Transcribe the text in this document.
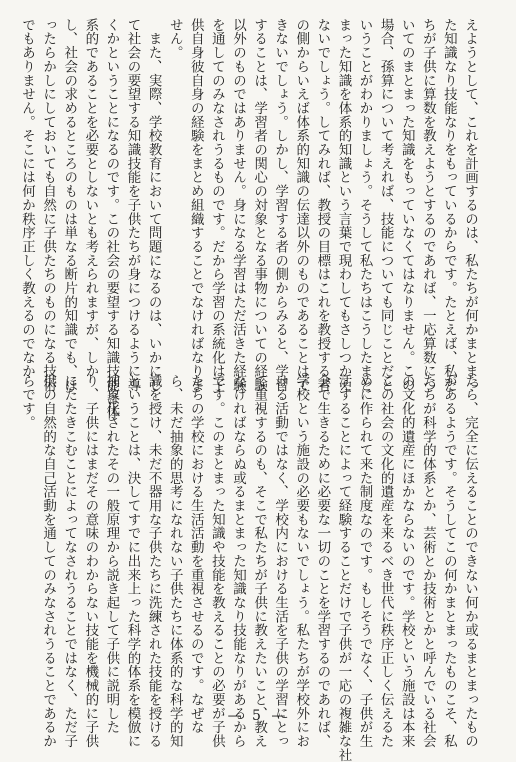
えようとして、これを計画するのは、私たちが何かまとまっ
た知識なり技能なりをもっているからです。たとえば、私た
ちが子供に算数を教えようとするのであれば、一応算数につ
いてのまとまった知識をもっていなくてはなりません。この
場合、孫算について考えれば、技能についても同じことだと
いうことがわかりましょう。そうして私たちはこうしたまと
まった知識を体系的知識という言葉で現わしてもさしつかえ
ないでしょう。してみれば、教授の目標はこれを教授する者
の側からいえば体系的知識の伝達以外のものであることはで
きないでしょう。しかし、学習する者の側からみると、学習
することは、学習者の関心の対象となる事物についての経験
以外のものではありません。身になる学習はただ活きた経験
を通してのみなされうるものです。だから学習の系統化は子
供自身彼自身の経験をまとめ組織することでなければなりま
せん。
　また、実際、学校教育において問題になるのは、いかにし
て社会の要望する知識技能を子供たちが身につけるように導
くかということになるのです。この社会の要望する知識技能は体
系的であることを必要としないとも考えられますが、しか
し、社会の求めるところのものは単なる断片的知識でも、ほ
ったらかしにしておいても自然に子供たちのものになる技術
でもありません。そこには何か秩序正しく教えるのでなか
たら、完全に伝えることのできない何か或るまとまったもの
があるようです。そうしてこの何かまとまったものこそ、私
たちが科学的体系とか、芸術とか技術とかと呼んでいる社会
の文化的遺産にほかならないのです。学校という施設は本来
この社会の文化的遺産を来るべき世代に秩序正しく伝えるた
めに作られて来た制度なのです。もしそうでなく、子供が生
活することによって経験することだけで子供が一応の複雑な社
会で生きるために必要な一切のことを学習するのであれば、
学校という施設の必要もないでしょう。私たちが学校外にお
ける活動ではなく、学校内における生活を子供の学習にとっ
て重視するのも、そこで私たちが子供に教えたいこと、教え
なければならぬ或るまとまった知識なり技能なりがあるから
です。このまとまった知識や技能を教えることの必要が子供
たちの学校における生活活動を重視させるのです。なぜな
ら、未だ抽象的思考になれない子供たちに体系的な科学的知
識を授け、未だ不器用な子供たちに洗練された技能を授ける
ということは、決してすでに出来上った科学的体系を模倣に
抽象化されたその一般原理から説き起して子供に説明した
り、子供にはまだその意味のわからない技能を機械的に子供
にたたきこむことによってなされうることではなく、ただ子
供の自然的な自己活動を通してのみなされうることであるか
らです。
— 5 —
